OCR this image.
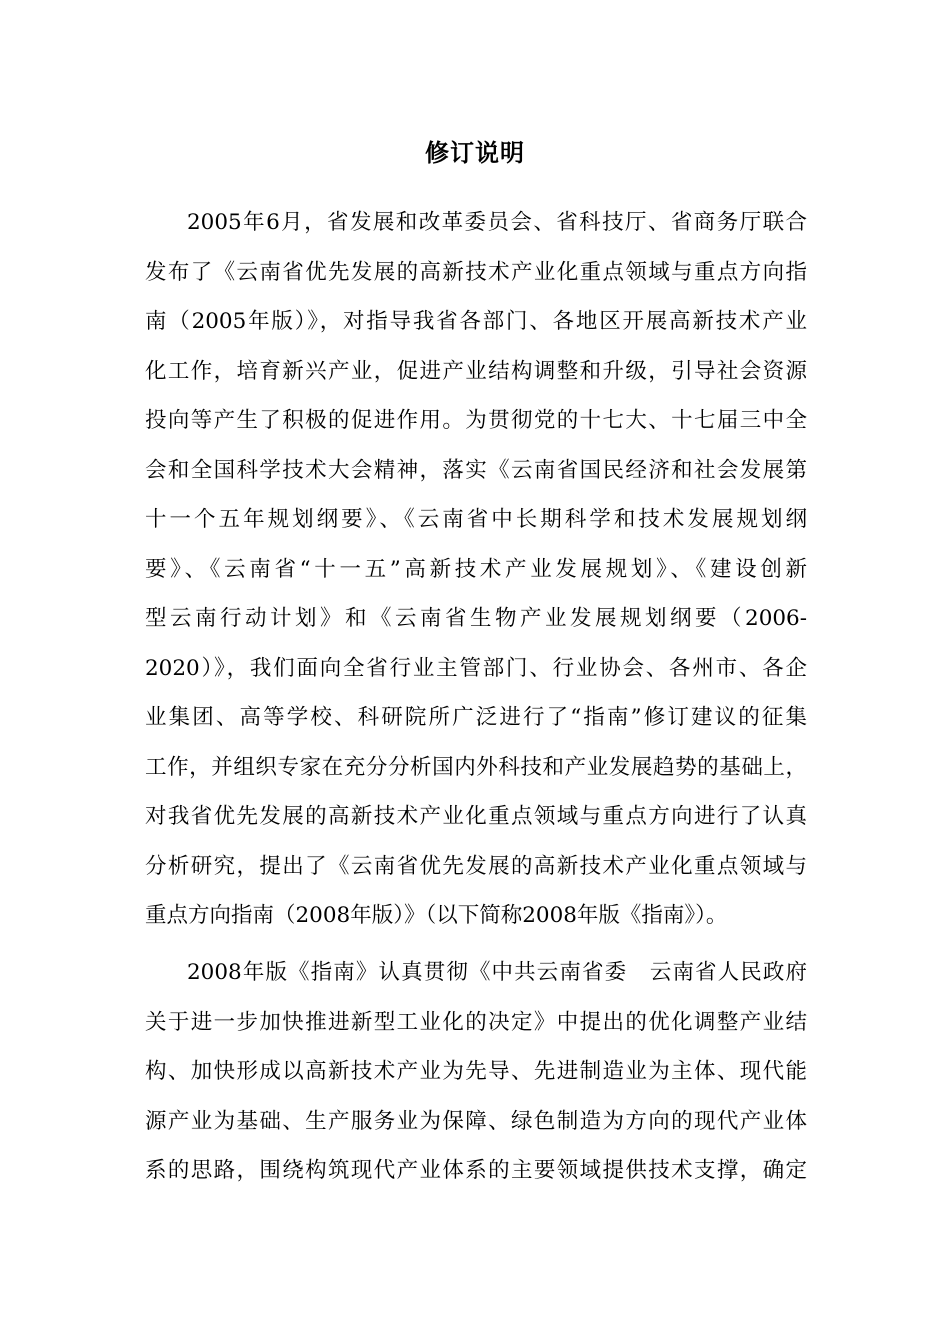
修订说明
2005年6月，省发展和改革委员会、省科技厅、省商务厅联合
发布了《云南省优先发展的高新技术产业化重点领域与重点方向指
南（2005年版）》，对指导我省各部门、各地区开展高新技术产业
化工作，培育新兴产业，促进产业结构调整和升级，引导社会资源
投向等产生了积极的促进作用。为贯彻党的十七大、十七届三中全
会和全国科学技术大会精神，落实《云南省国民经济和社会发展第
十一个五年规划纲要》、《云南省中长期科学和技术发展规划纲
要》、《云南省“十一五”高新技术产业发展规划》、《建设创新
型云南行动计划》和《云南省生物产业发展规划纲要（2006-
2020）》，我们面向全省行业主管部门、行业协会、各州市、各企
业集团、高等学校、科研院所广泛进行了“指南”修订建议的征集
工作，并组织专家在充分分析国内外科技和产业发展趋势的基础上，
对我省优先发展的高新技术产业化重点领域与重点方向进行了认真
分析研究，提出了《云南省优先发展的高新技术产业化重点领域与
重点方向指南（2008年版）》（以下简称2008年版《指南》）。
2008年版《指南》认真贯彻《中共云南省委　云南省人民政府
关于进一步加快推进新型工业化的决定》中提出的优化调整产业结
构、加快形成以高新技术产业为先导、先进制造业为主体、现代能
源产业为基础、生产服务业为保障、绿色制造为方向的现代产业体
系的思路，围绕构筑现代产业体系的主要领域提供技术支撑，确定
